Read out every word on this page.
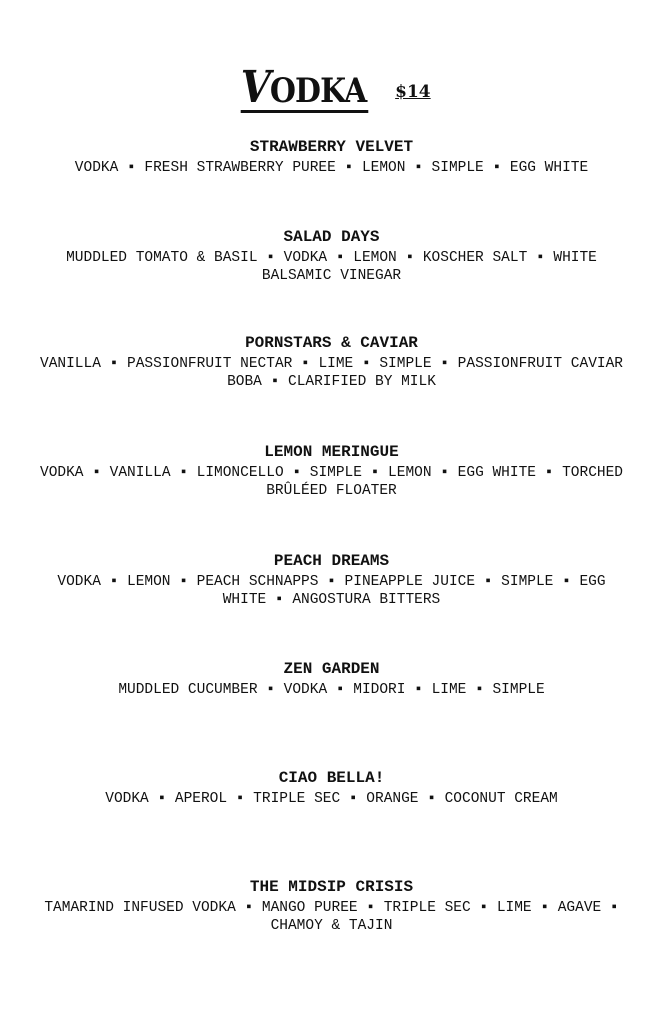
VODKA $14
STRAWBERRY VELVET
VODKA ▪ FRESH STRAWBERRY PUREE ▪ LEMON ▪ SIMPLE ▪ EGG WHITE
SALAD DAYS
MUDDLED TOMATO & BASIL ▪ VODKA ▪ LEMON ▪ KOSCHER SALT ▪ WHITE BALSAMIC VINEGAR
PORNSTARS & CAVIAR
VANILLA ▪ PASSIONFRUIT NECTAR ▪ LIME ▪ SIMPLE ▪ PASSIONFRUIT CAVIAR BOBA ▪ CLARIFIED BY MILK
LEMON MERINGUE
VODKA ▪ VANILLA ▪ LIMONCELLO ▪ SIMPLE ▪ LEMON ▪ EGG WHITE ▪ TORCHED BRÛLÉED FLOATER
PEACH DREAMS
VODKA ▪ LEMON ▪ PEACH SCHNAPPS ▪ PINEAPPLE JUICE ▪ SIMPLE ▪ EGG WHITE ▪ ANGOSTURA BITTERS
ZEN GARDEN
MUDDLED CUCUMBER ▪ VODKA ▪ MIDORI ▪ LIME ▪ SIMPLE
CIAO BELLA!
VODKA ▪ APEROL ▪ TRIPLE SEC ▪ ORANGE ▪ COCONUT CREAM
THE MIDSIP CRISIS
TAMARIND INFUSED VODKA ▪ MANGO PUREE ▪ TRIPLE SEC ▪ LIME ▪ AGAVE ▪ CHAMOY & TAJIN
